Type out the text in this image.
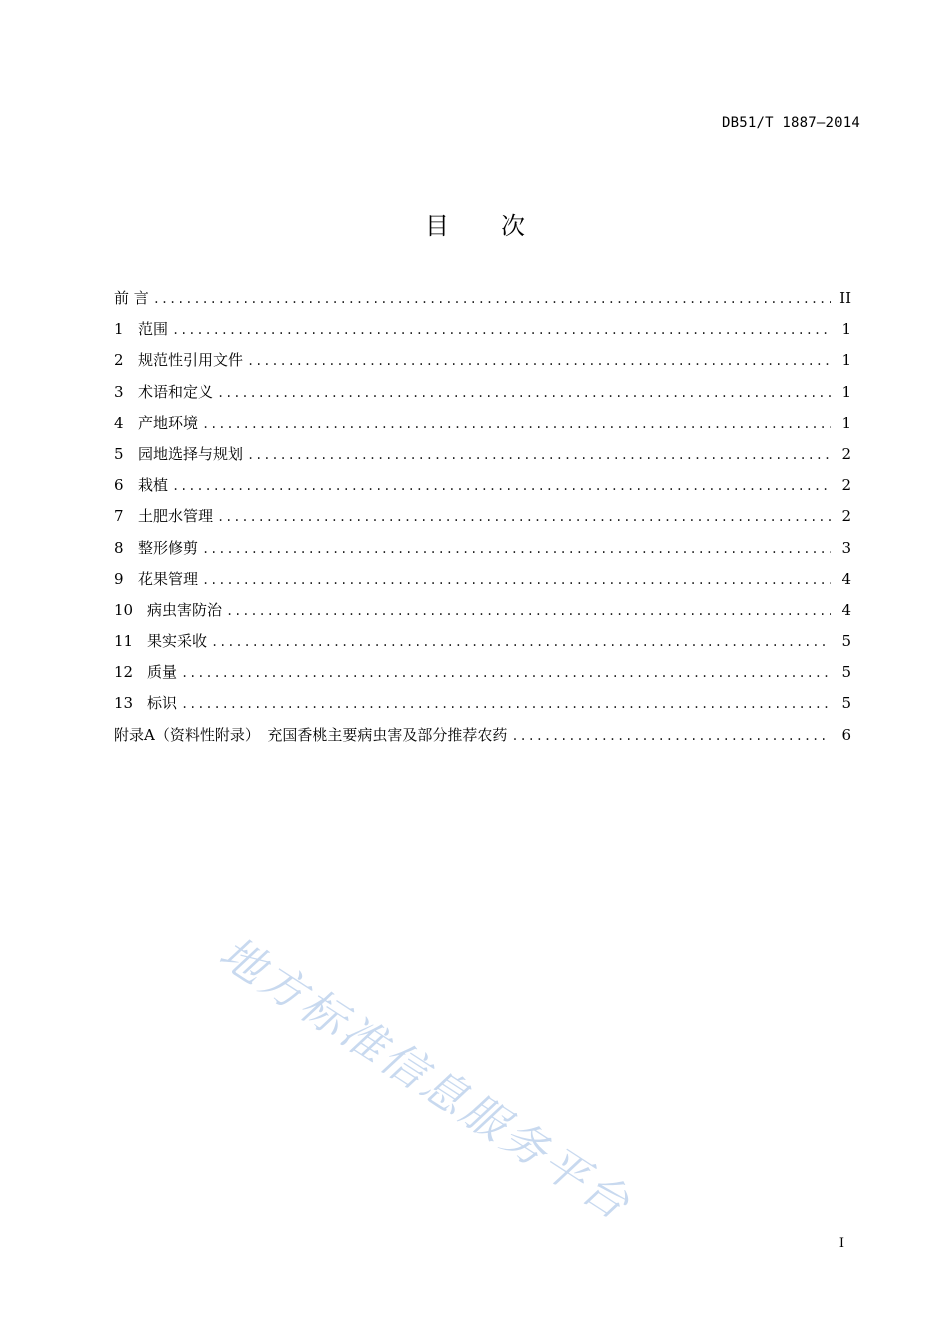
DB51/T 1887—2014
目次
前 言 .....	II
1 范围 .....	1
2 规范性引用文件 .....	1
3 术语和定义 .....	1
4 产地环境 .....	1
5 园地选择与规划 .....	2
6 栽植 .....	2
7 土肥水管理 .....	2
8 整形修剪 .....	3
9 花果管理 .....	4
10 病虫害防治 .....	4
11 果实采收 .....	5
12 质量 .....	5
13 标识 .....	5
附录A（资料性附录）　充国香桃主要病虫害及部分推荐农药 .....	6
地方标准信息服务平台
I
